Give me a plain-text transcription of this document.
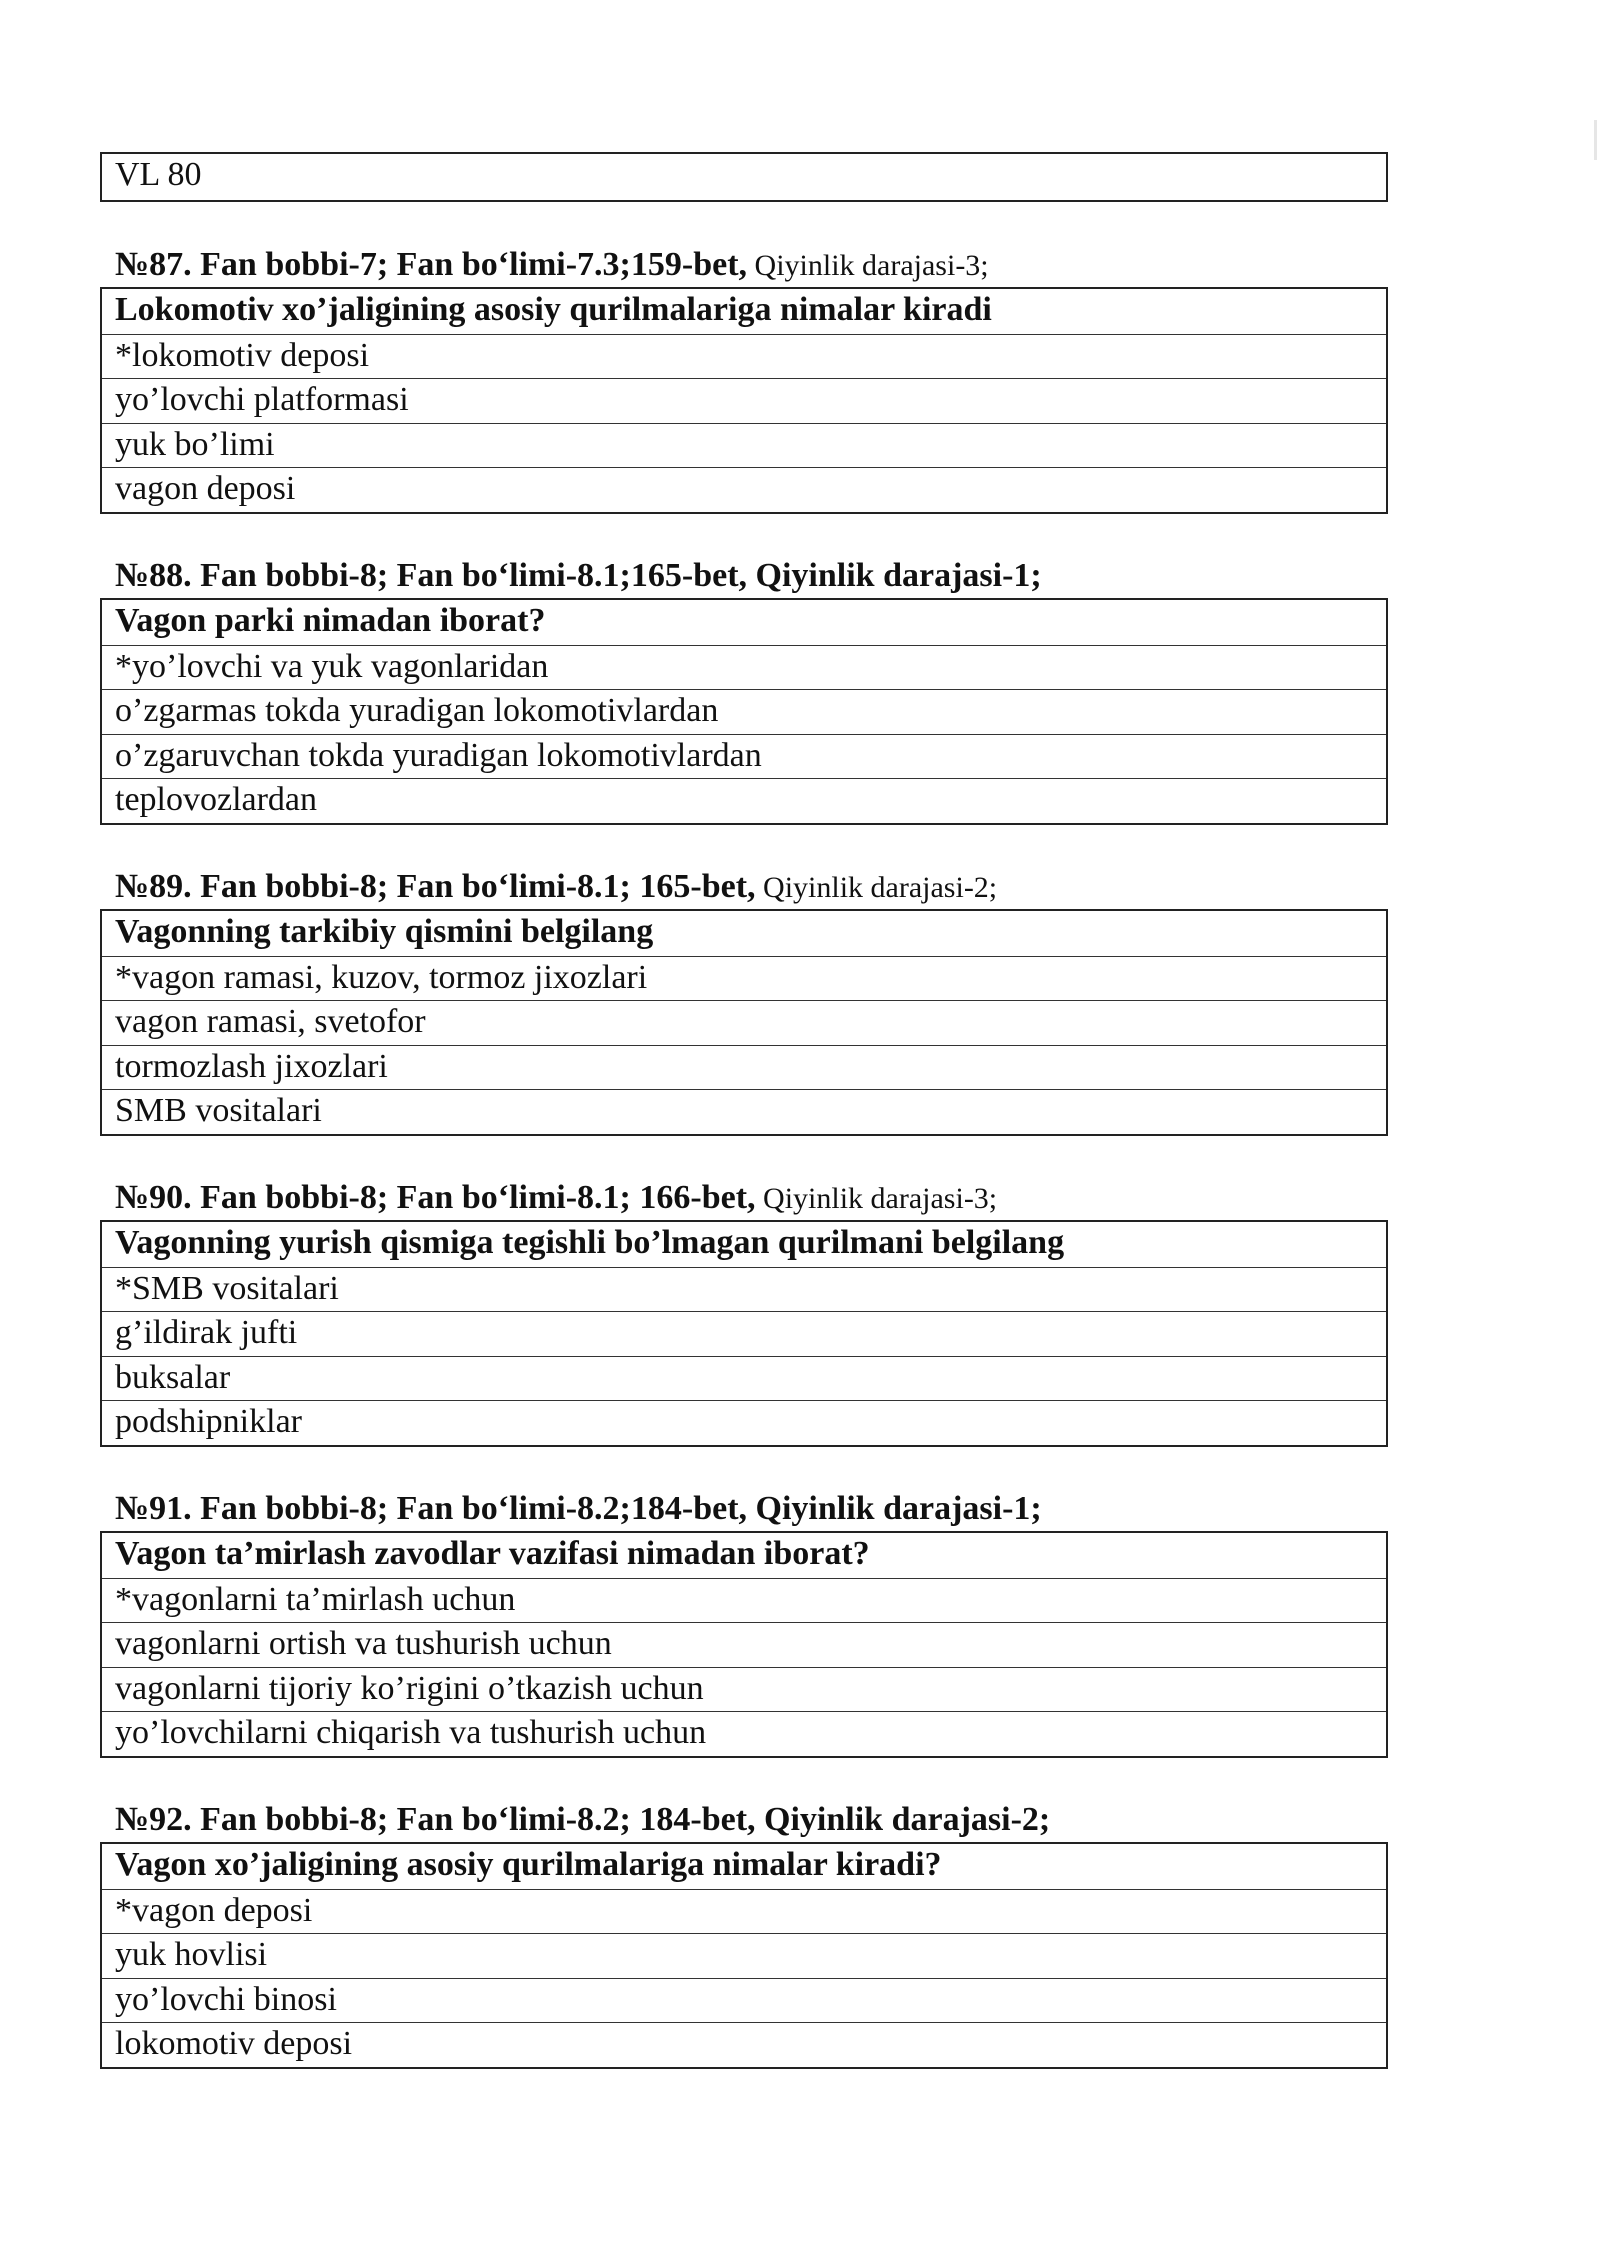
VL 80
№87. Fan bobbi-7; Fan bo‘limi-7.3;159-bet, Qiyinlik darajasi-3;
Lokomotiv xo’jaligining asosiy qurilmalariga nimalar kiradi
*lokomotiv deposi
yo’lovchi platformasi
yuk bo’limi
vagon deposi
№88. Fan bobbi-8; Fan bo‘limi-8.1;165-bet, Qiyinlik darajasi-1;
Vagon parki nimadan iborat?
*yo’lovchi va yuk vagonlaridan
o’zgarmas tokda yuradigan lokomotivlardan
o’zgaruvchan tokda yuradigan lokomotivlardan
teplovozlardan
№89. Fan bobbi-8; Fan bo‘limi-8.1; 165-bet, Qiyinlik darajasi-2;
Vagonning tarkibiy qismini belgilang
*vagon ramasi, kuzov, tormoz jixozlari
vagon ramasi, svetofor
tormozlash jixozlari
SMB vositalari
№90. Fan bobbi-8; Fan bo‘limi-8.1; 166-bet, Qiyinlik darajasi-3;
Vagonning yurish qismiga tegishli bo’lmagan qurilmani belgilang
*SMB vositalari
g’ildirak jufti
buksalar
podshipniklar
№91. Fan bobbi-8; Fan bo‘limi-8.2;184-bet, Qiyinlik darajasi-1;
Vagon ta’mirlash zavodlar vazifasi nimadan iborat?
*vagonlarni ta’mirlash uchun
vagonlarni ortish va tushurish uchun
vagonlarni tijoriy ko’rigini o’tkazish uchun
yo’lovchilarni chiqarish va tushurish uchun
№92. Fan bobbi-8; Fan bo‘limi-8.2; 184-bet, Qiyinlik darajasi-2;
Vagon xo’jaligining asosiy qurilmalariga nimalar kiradi?
*vagon deposi
yuk hovlisi
yo’lovchi binosi
lokomotiv deposi
